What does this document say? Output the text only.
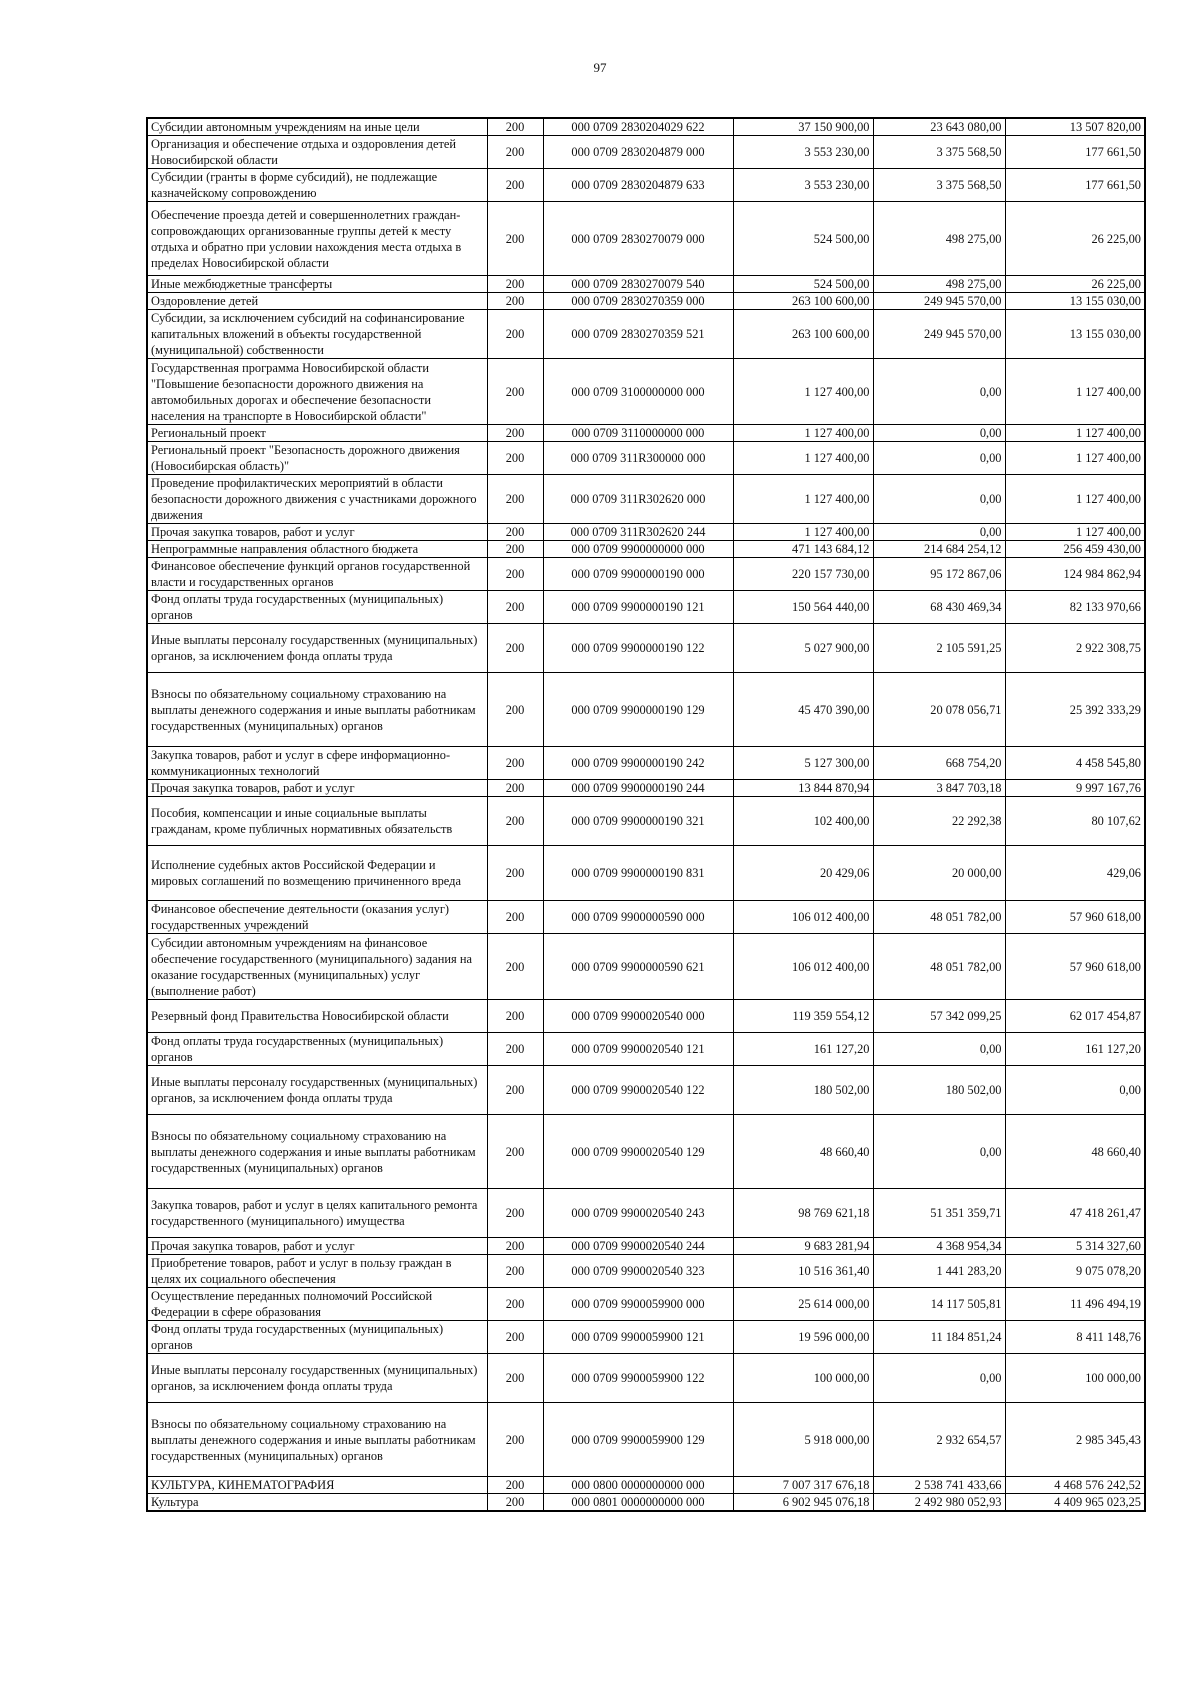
97
Субсидии автономным учреждениям на иные цели	200	000 0709 2830204029 622	37 150 900,00	23 643 080,00	13 507 820,00
Организация и обеспечение отдыха и оздоровления детей Новосибирской области	200	000 0709 2830204879 000	3 553 230,00	3 375 568,50	177 661,50
Субсидии (гранты в форме субсидий), не подлежащие казначейскому сопровождению	200	000 0709 2830204879 633	3 553 230,00	3 375 568,50	177 661,50
Обеспечение проезда детей и совершеннолетних граждан-сопровождающих организованные группы детей к месту отдыха и обратно при условии нахождения места отдыха в пределах Новосибирской области	200	000 0709 2830270079 000	524 500,00	498 275,00	26 225,00
Иные межбюджетные трансферты	200	000 0709 2830270079 540	524 500,00	498 275,00	26 225,00
Оздоровление детей	200	000 0709 2830270359 000	263 100 600,00	249 945 570,00	13 155 030,00
Субсидии, за исключением субсидий на софинансирование капитальных вложений в объекты государственной (муниципальной) собственности	200	000 0709 2830270359 521	263 100 600,00	249 945 570,00	13 155 030,00
Государственная программа Новосибирской области "Повышение безопасности дорожного движения на автомобильных дорогах и обеспечение безопасности населения на транспорте в Новосибирской области"	200	000 0709 3100000000 000	1 127 400,00	0,00	1 127 400,00
Региональный проект	200	000 0709 3110000000 000	1 127 400,00	0,00	1 127 400,00
Региональный проект "Безопасность дорожного движения (Новосибирская область)"	200	000 0709 311R300000 000	1 127 400,00	0,00	1 127 400,00
Проведение профилактических мероприятий в области безопасности дорожного движения с участниками дорожного движения	200	000 0709 311R302620 000	1 127 400,00	0,00	1 127 400,00
Прочая закупка товаров, работ и услуг	200	000 0709 311R302620 244	1 127 400,00	0,00	1 127 400,00
Непрограммные направления областного бюджета	200	000 0709 9900000000 000	471 143 684,12	214 684 254,12	256 459 430,00
Финансовое обеспечение функций органов государственной власти и государственных органов	200	000 0709 9900000190 000	220 157 730,00	95 172 867,06	124 984 862,94
Фонд оплаты труда государственных (муниципальных) органов	200	000 0709 9900000190 121	150 564 440,00	68 430 469,34	82 133 970,66
Иные выплаты персоналу государственных (муниципальных) органов, за исключением фонда оплаты труда	200	000 0709 9900000190 122	5 027 900,00	2 105 591,25	2 922 308,75
Взносы по обязательному социальному страхованию на выплаты денежного содержания и иные выплаты работникам государственных (муниципальных) органов	200	000 0709 9900000190 129	45 470 390,00	20 078 056,71	25 392 333,29
Закупка товаров, работ и услуг в сфере информационно-коммуникационных технологий	200	000 0709 9900000190 242	5 127 300,00	668 754,20	4 458 545,80
Прочая закупка товаров, работ и услуг	200	000 0709 9900000190 244	13 844 870,94	3 847 703,18	9 997 167,76
Пособия, компенсации и иные социальные выплаты гражданам, кроме публичных нормативных обязательств	200	000 0709 9900000190 321	102 400,00	22 292,38	80 107,62
Исполнение судебных актов Российской Федерации и мировых соглашений по возмещению причиненного вреда	200	000 0709 9900000190 831	20 429,06	20 000,00	429,06
Финансовое обеспечение деятельности (оказания услуг) государственных учреждений	200	000 0709 9900000590 000	106 012 400,00	48 051 782,00	57 960 618,00
Субсидии автономным учреждениям на финансовое обеспечение государственного (муниципального) задания на оказание государственных (муниципальных) услуг (выполнение работ)	200	000 0709 9900000590 621	106 012 400,00	48 051 782,00	57 960 618,00
Резервный фонд Правительства Новосибирской области	200	000 0709 9900020540 000	119 359 554,12	57 342 099,25	62 017 454,87
Фонд оплаты труда государственных (муниципальных) органов	200	000 0709 9900020540 121	161 127,20	0,00	161 127,20
Иные выплаты персоналу государственных (муниципальных) органов, за исключением фонда оплаты труда	200	000 0709 9900020540 122	180 502,00	180 502,00	0,00
Взносы по обязательному социальному страхованию на выплаты денежного содержания и иные выплаты работникам государственных (муниципальных) органов	200	000 0709 9900020540 129	48 660,40	0,00	48 660,40
Закупка товаров, работ и услуг в целях капитального ремонта государственного (муниципального) имущества	200	000 0709 9900020540 243	98 769 621,18	51 351 359,71	47 418 261,47
Прочая закупка товаров, работ и услуг	200	000 0709 9900020540 244	9 683 281,94	4 368 954,34	5 314 327,60
Приобретение товаров, работ и услуг в пользу граждан в целях их социального обеспечения	200	000 0709 9900020540 323	10 516 361,40	1 441 283,20	9 075 078,20
Осуществление переданных полномочий Российской Федерации в сфере образования	200	000 0709 9900059900 000	25 614 000,00	14 117 505,81	11 496 494,19
Фонд оплаты труда государственных (муниципальных) органов	200	000 0709 9900059900 121	19 596 000,00	11 184 851,24	8 411 148,76
Иные выплаты персоналу государственных (муниципальных) органов, за исключением фонда оплаты труда	200	000 0709 9900059900 122	100 000,00	0,00	100 000,00
Взносы по обязательному социальному страхованию на выплаты денежного содержания и иные выплаты работникам государственных (муниципальных) органов	200	000 0709 9900059900 129	5 918 000,00	2 932 654,57	2 985 345,43
КУЛЬТУРА, КИНЕМАТОГРАФИЯ	200	000 0800 0000000000 000	7 007 317 676,18	2 538 741 433,66	4 468 576 242,52
Культура	200	000 0801 0000000000 000	6 902 945 076,18	2 492 980 052,93	4 409 965 023,25
